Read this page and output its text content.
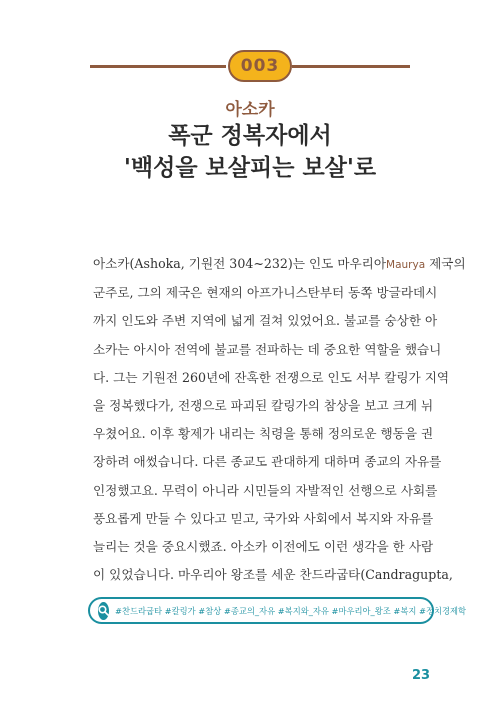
003
아소카
폭군 정복자에서
'백성을 보살피는 보살'로
아소카(Ashoka, 기원전 304~232)는 인도 마우리아Maurya 제국의
군주로, 그의 제국은 현재의 아프가니스탄부터 동쪽 방글라데시
까지 인도와 주변 지역에 넓게 걸쳐 있었어요. 불교를 숭상한 아
소카는 아시아 전역에 불교를 전파하는 데 중요한 역할을 했습니
다. 그는 기원전 260년에 잔혹한 전쟁으로 인도 서부 칼링가 지역
을 정복했다가, 전쟁으로 파괴된 칼링가의 참상을 보고 크게 뉘
우쳤어요. 이후 황제가 내리는 칙령을 통해 정의로운 행동을 권
장하려 애썼습니다. 다른 종교도 관대하게 대하며 종교의 자유를
인정했고요. 무력이 아니라 시민들의 자발적인 선행으로 사회를
풍요롭게 만들 수 있다고 믿고, 국가와 사회에서 복지와 자유를
늘리는 것을 중요시했죠. 아소카 이전에도 이런 생각을 한 사람
이 있었습니다. 마우리아 왕조를 세운 찬드라굽타(Candragupta,
#찬드라굽타 #칼링가 #참상 #종교의_자유 #복지와_자유 #마우리아_왕조 #복지 #정치경제학
23
